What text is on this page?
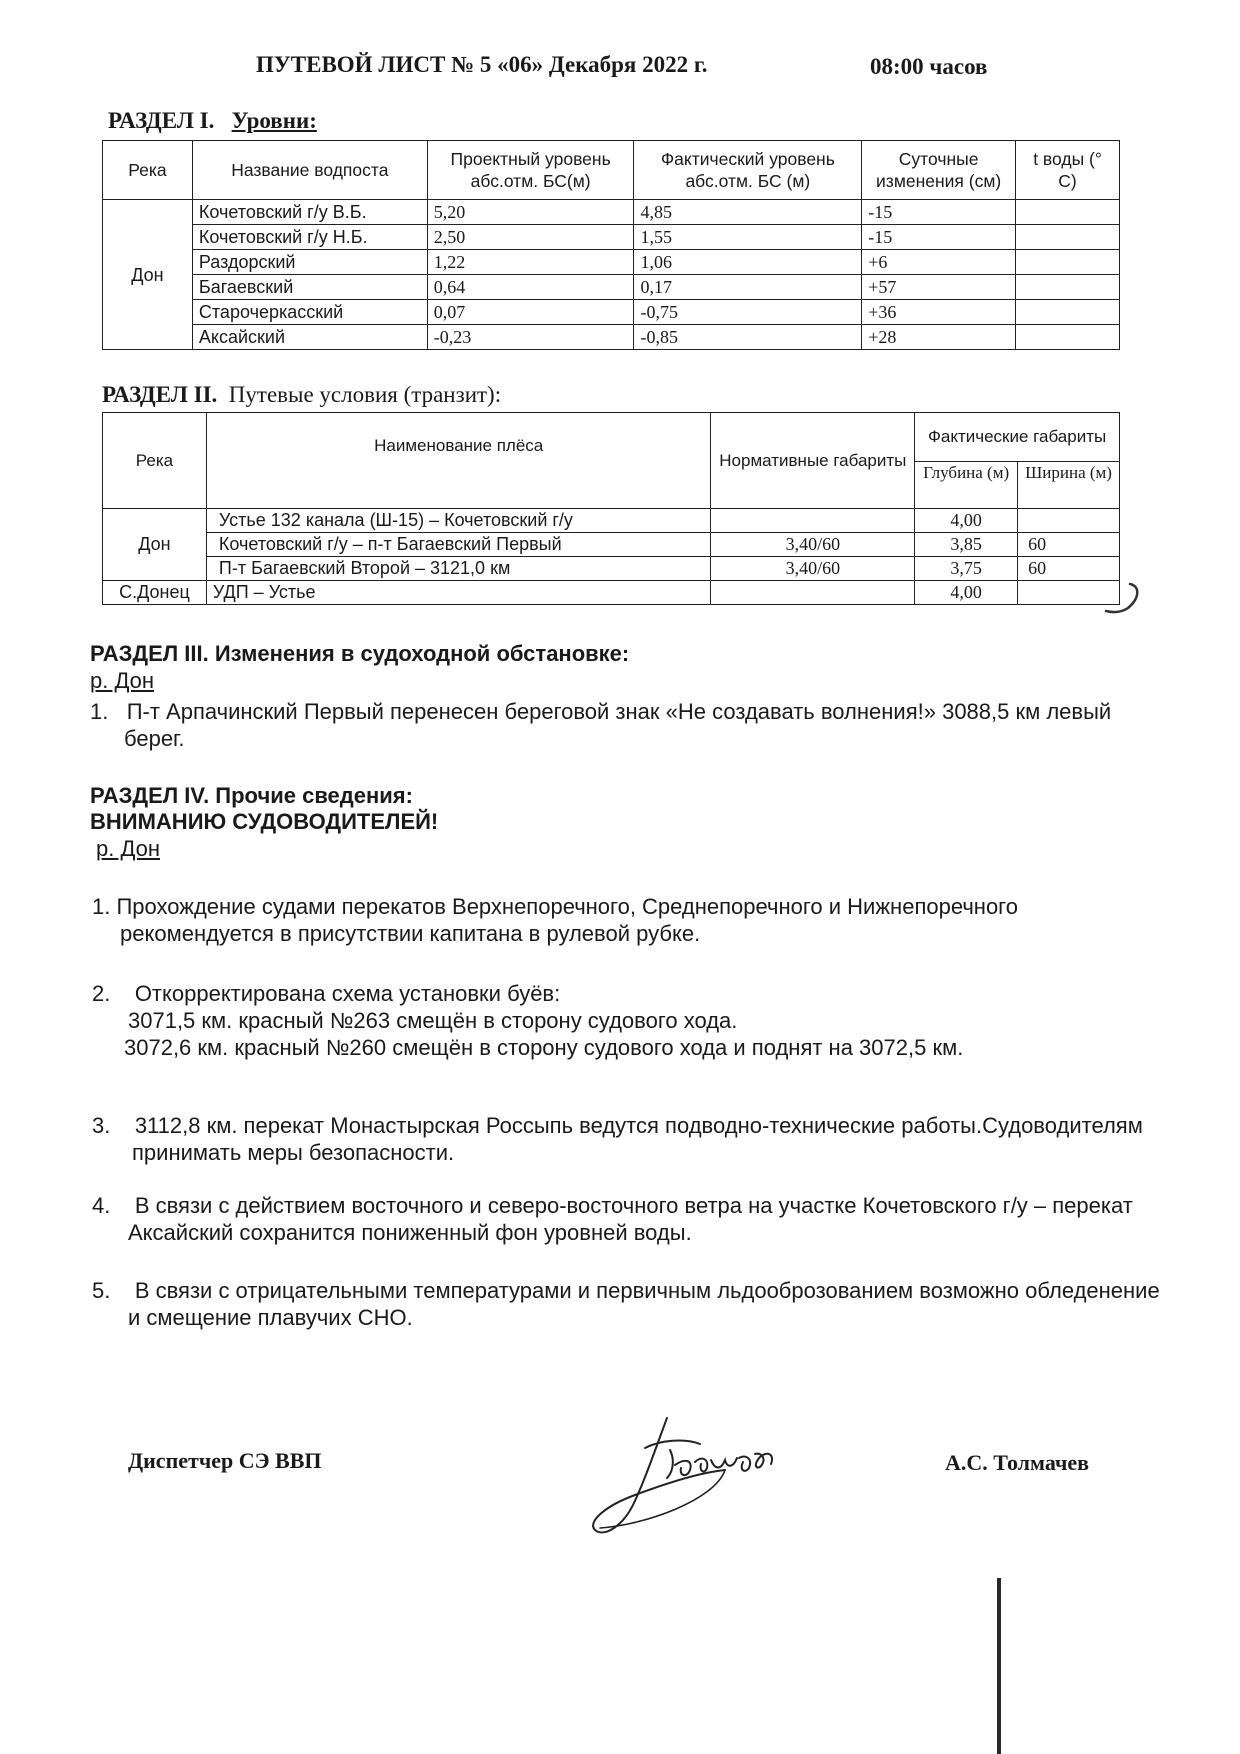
ПУТЕВОЙ ЛИСТ № 5 «06» Декабря 2022 г.	08:00 часов
РАЗДЕЛ I. Уровни:
Река	Название водпоста	Проектный уровень абс.отм. БС(м)	Фактический уровень абс.отм. БС (м)	Суточные изменения (см)	t воды (° C)
Дон	Кочетовский г/у В.Б.	5,20	4,85	-15	
	Кочетовский г/у Н.Б.	2,50	1,55	-15	
	Раздорский	1,22	1,06	+6	
	Багаевский	0,64	0,17	+57	
	Старочеркасский	0,07	-0,75	+36	
	Аксайский	-0,23	-0,85	+28	
РАЗДЕЛ II. Путевые условия (транзит):
Река	Наименование плёса	Нормативные габариты	Фактические габариты	
			Глубина (м)	Ширина (м)
Дон	Устье 132 канала (Ш-15) – Кочетовский г/у		4,00	
	Кочетовский г/у – п-т Багаевский Первый	3,40/60	3,85	60
	П-т Багаевский Второй – 3121,0 км	3,40/60	3,75	60
С.Донец	УДП – Устье		4,00	
РАЗДЕЛ III. Изменения в судоходной обстановке:
р. Дон
1. П-т Арпачинский Первый перенесен береговой знак «Не создавать волнения!» 3088,5 км левый
берег.
РАЗДЕЛ IV. Прочие сведения:
ВНИМАНИЮ СУДОВОДИТЕЛЕЙ!
р. Дон
1. Прохождение судами перекатов Верхнепоречного, Среднепоречного и Нижнепоречного
рекомендуется в присутствии капитана в рулевой рубке.
2. Откорректирована схема установки буёв:
3071,5 км. красный №263 смещён в сторону судового хода.
3072,6 км. красный №260 смещён в сторону судового хода и поднят на 3072,5 км.
3. 3112,8 км. перекат Монастырская Россыпь ведутся подводно-технические работы.Судоводителям
принимать меры безопасности.
4. В связи с действием восточного и северо-восточного ветра на участке Кочетовского г/у – перекат
Аксайский сохранится пониженный фон уровней воды.
5. В связи с отрицательными температурами и первичным льдооброзованием возможно обледенение
и смещение плавучих СНО.
Диспетчер СЭ ВВП	А.С. Толмачев
